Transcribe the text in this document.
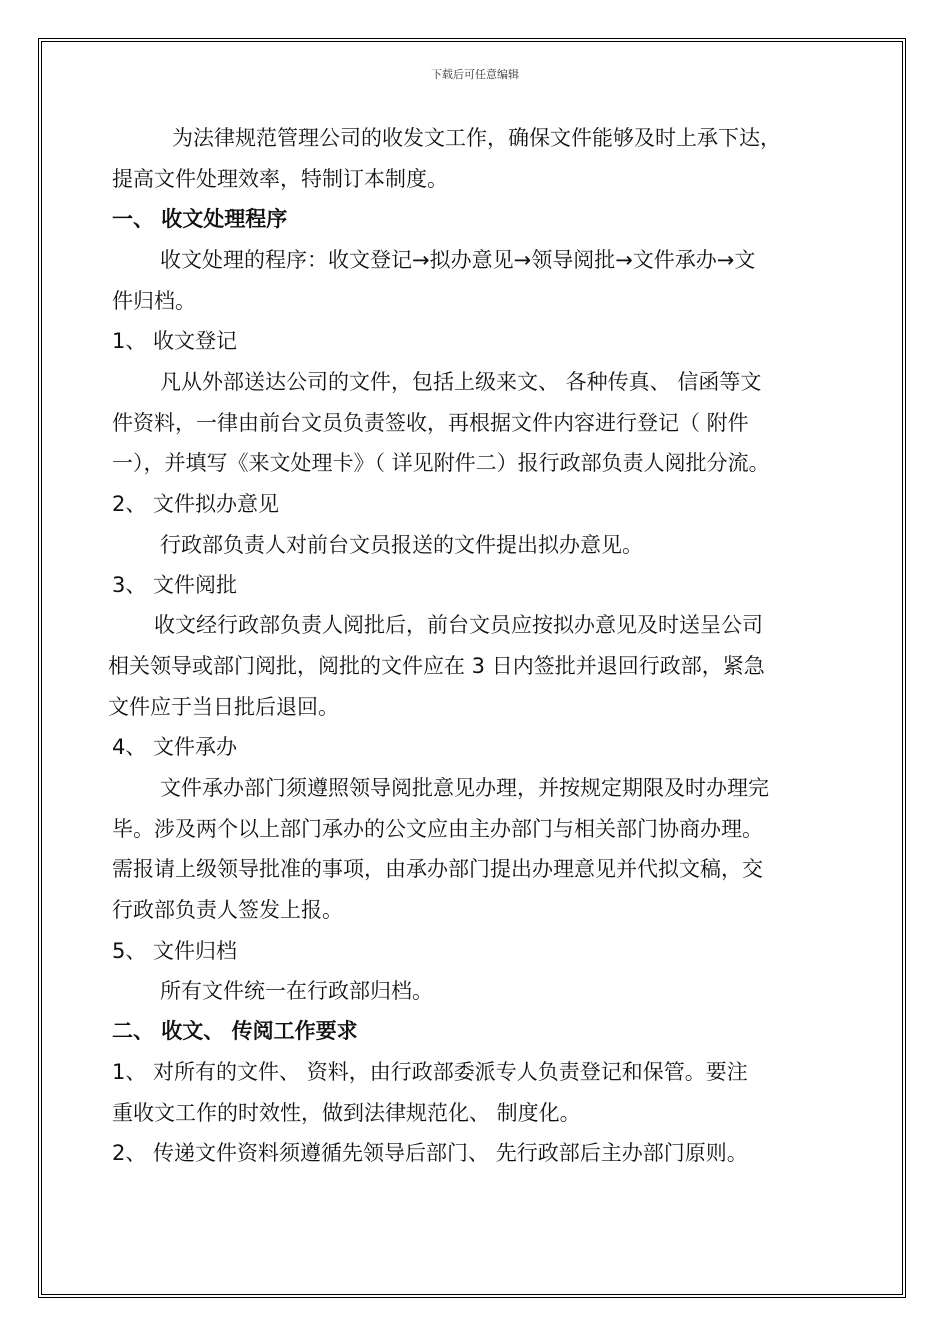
下载后可任意编辑
为法律规范管理公司的收发文工作，确保文件能够及时上承下达，
提高文件处理效率，特制订本制度。
一、 收文处理程序
收文处理的程序：收文登记→拟办意见→领导阅批→文件承办→文
件归档。
1、 收文登记
凡从外部送达公司的文件，包括上级来文、 各种传真、 信函等文
件资料，一律由前台文员负责签收，再根据文件内容进行登记（ 附件
一），并填写《来文处理卡》（ 详见附件二）报行政部负责人阅批分流。
2、 文件拟办意见
行政部负责人对前台文员报送的文件提出拟办意见。
3、 文件阅批
收文经行政部负责人阅批后，前台文员应按拟办意见及时送呈公司
相关领导或部门阅批，阅批的文件应在 3 日内签批并退回行政部，紧急
文件应于当日批后退回。
4、 文件承办
文件承办部门须遵照领导阅批意见办理，并按规定期限及时办理完
毕。涉及两个以上部门承办的公文应由主办部门与相关部门协商办理。
需报请上级领导批准的事项，由承办部门提出办理意见并代拟文稿，交
行政部负责人签发上报。
5、 文件归档
所有文件统一在行政部归档。
二、 收文、 传阅工作要求
1、 对所有的文件、 资料，由行政部委派专人负责登记和保管。要注
重收文工作的时效性，做到法律规范化、 制度化。
2、 传递文件资料须遵循先领导后部门、 先行政部后主办部门原则。
